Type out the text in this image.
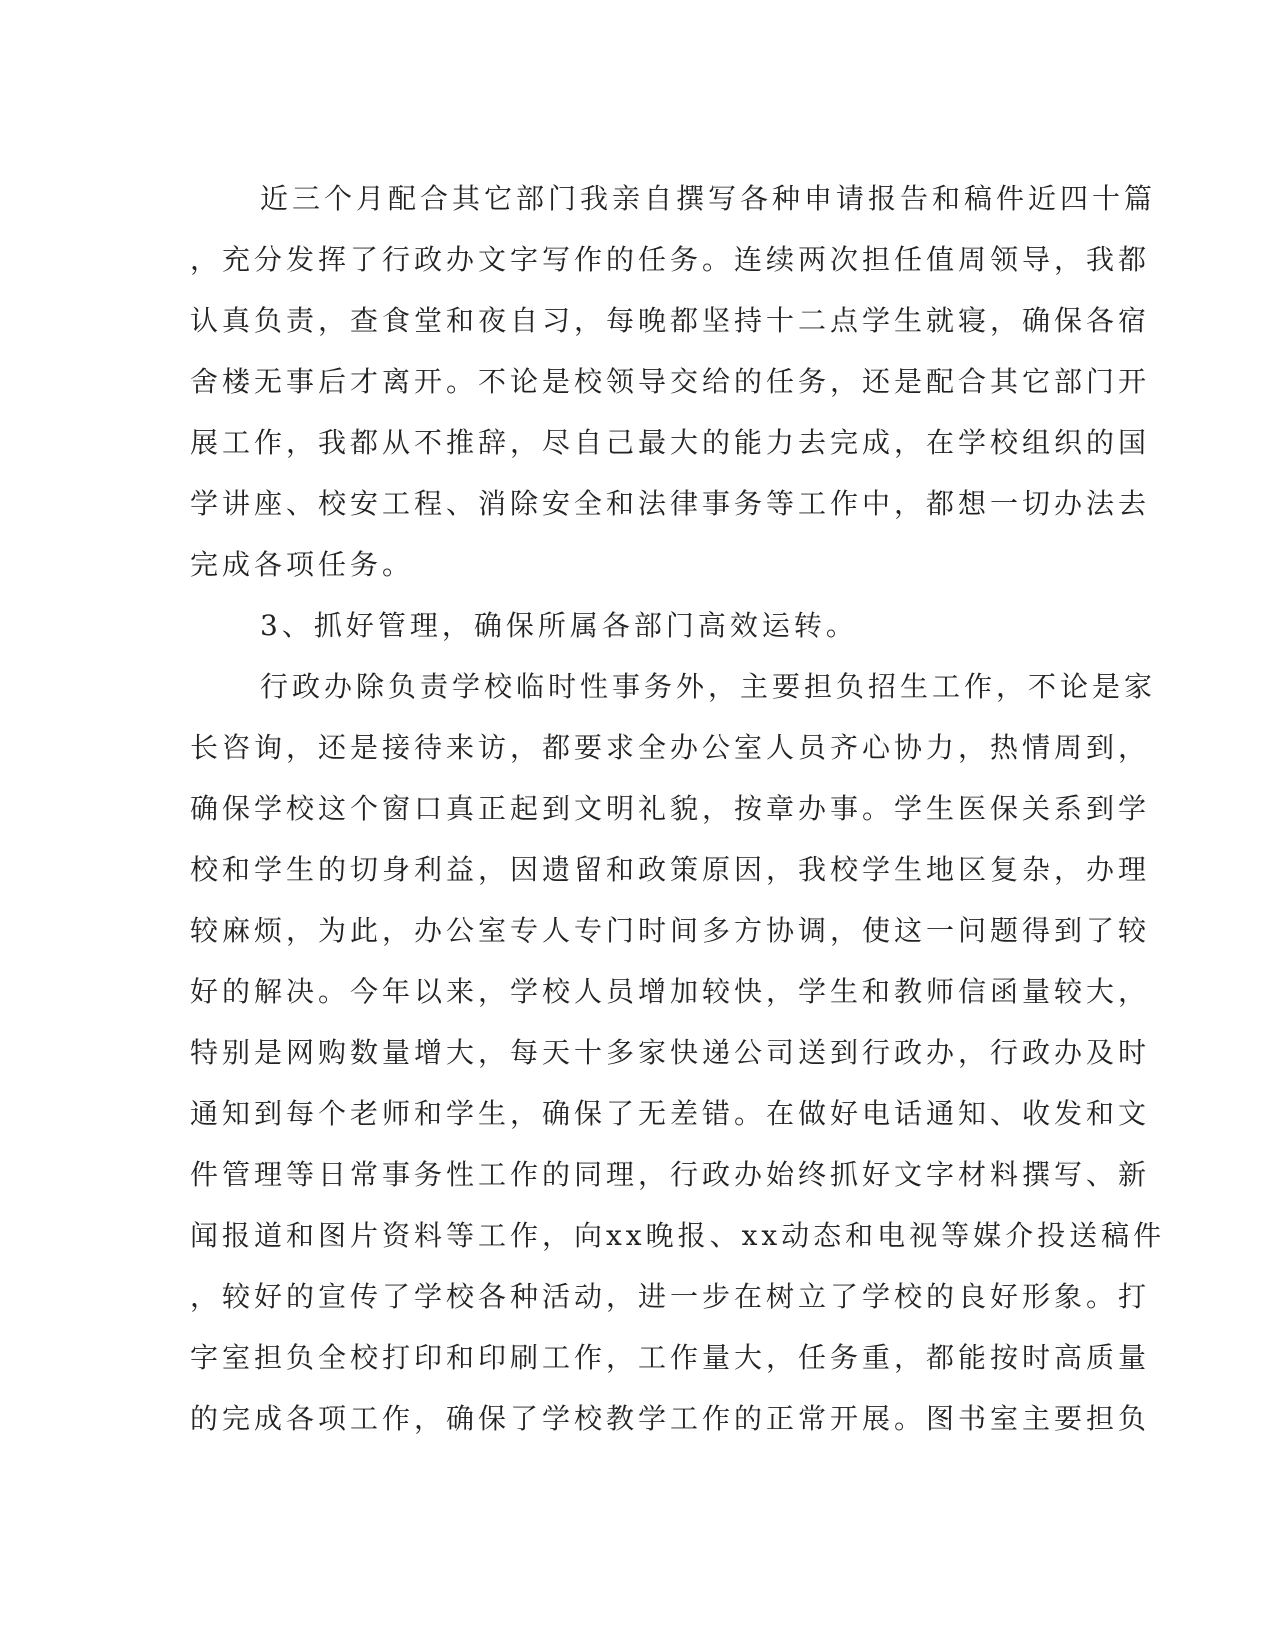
近三个月配合其它部门我亲自撰写各种申请报告和稿件近四十篇
，充分发挥了行政办文字写作的任务。连续两次担任值周领导，我都
认真负责，查食堂和夜自习，每晚都坚持十二点学生就寝，确保各宿
舍楼无事后才离开。不论是校领导交给的任务，还是配合其它部门开
展工作，我都从不推辞，尽自己最大的能力去完成，在学校组织的国
学讲座、校安工程、消除安全和法律事务等工作中，都想一切办法去
完成各项任务。
3、抓好管理，确保所属各部门高效运转。
行政办除负责学校临时性事务外，主要担负招生工作，不论是家
长咨询，还是接待来访，都要求全办公室人员齐心协力，热情周到，
确保学校这个窗口真正起到文明礼貌，按章办事。学生医保关系到学
校和学生的切身利益，因遗留和政策原因，我校学生地区复杂，办理
较麻烦，为此，办公室专人专门时间多方协调，使这一问题得到了较
好的解决。今年以来，学校人员增加较快，学生和教师信函量较大，
特别是网购数量增大，每天十多家快递公司送到行政办，行政办及时
通知到每个老师和学生，确保了无差错。在做好电话通知、收发和文
件管理等日常事务性工作的同理，行政办始终抓好文字材料撰写、新
闻报道和图片资料等工作，向xx晚报、xx动态和电视等媒介投送稿件
，较好的宣传了学校各种活动，进一步在树立了学校的良好形象。打
字室担负全校打印和印刷工作，工作量大，任务重，都能按时高质量
的完成各项工作，确保了学校教学工作的正常开展。图书室主要担负
